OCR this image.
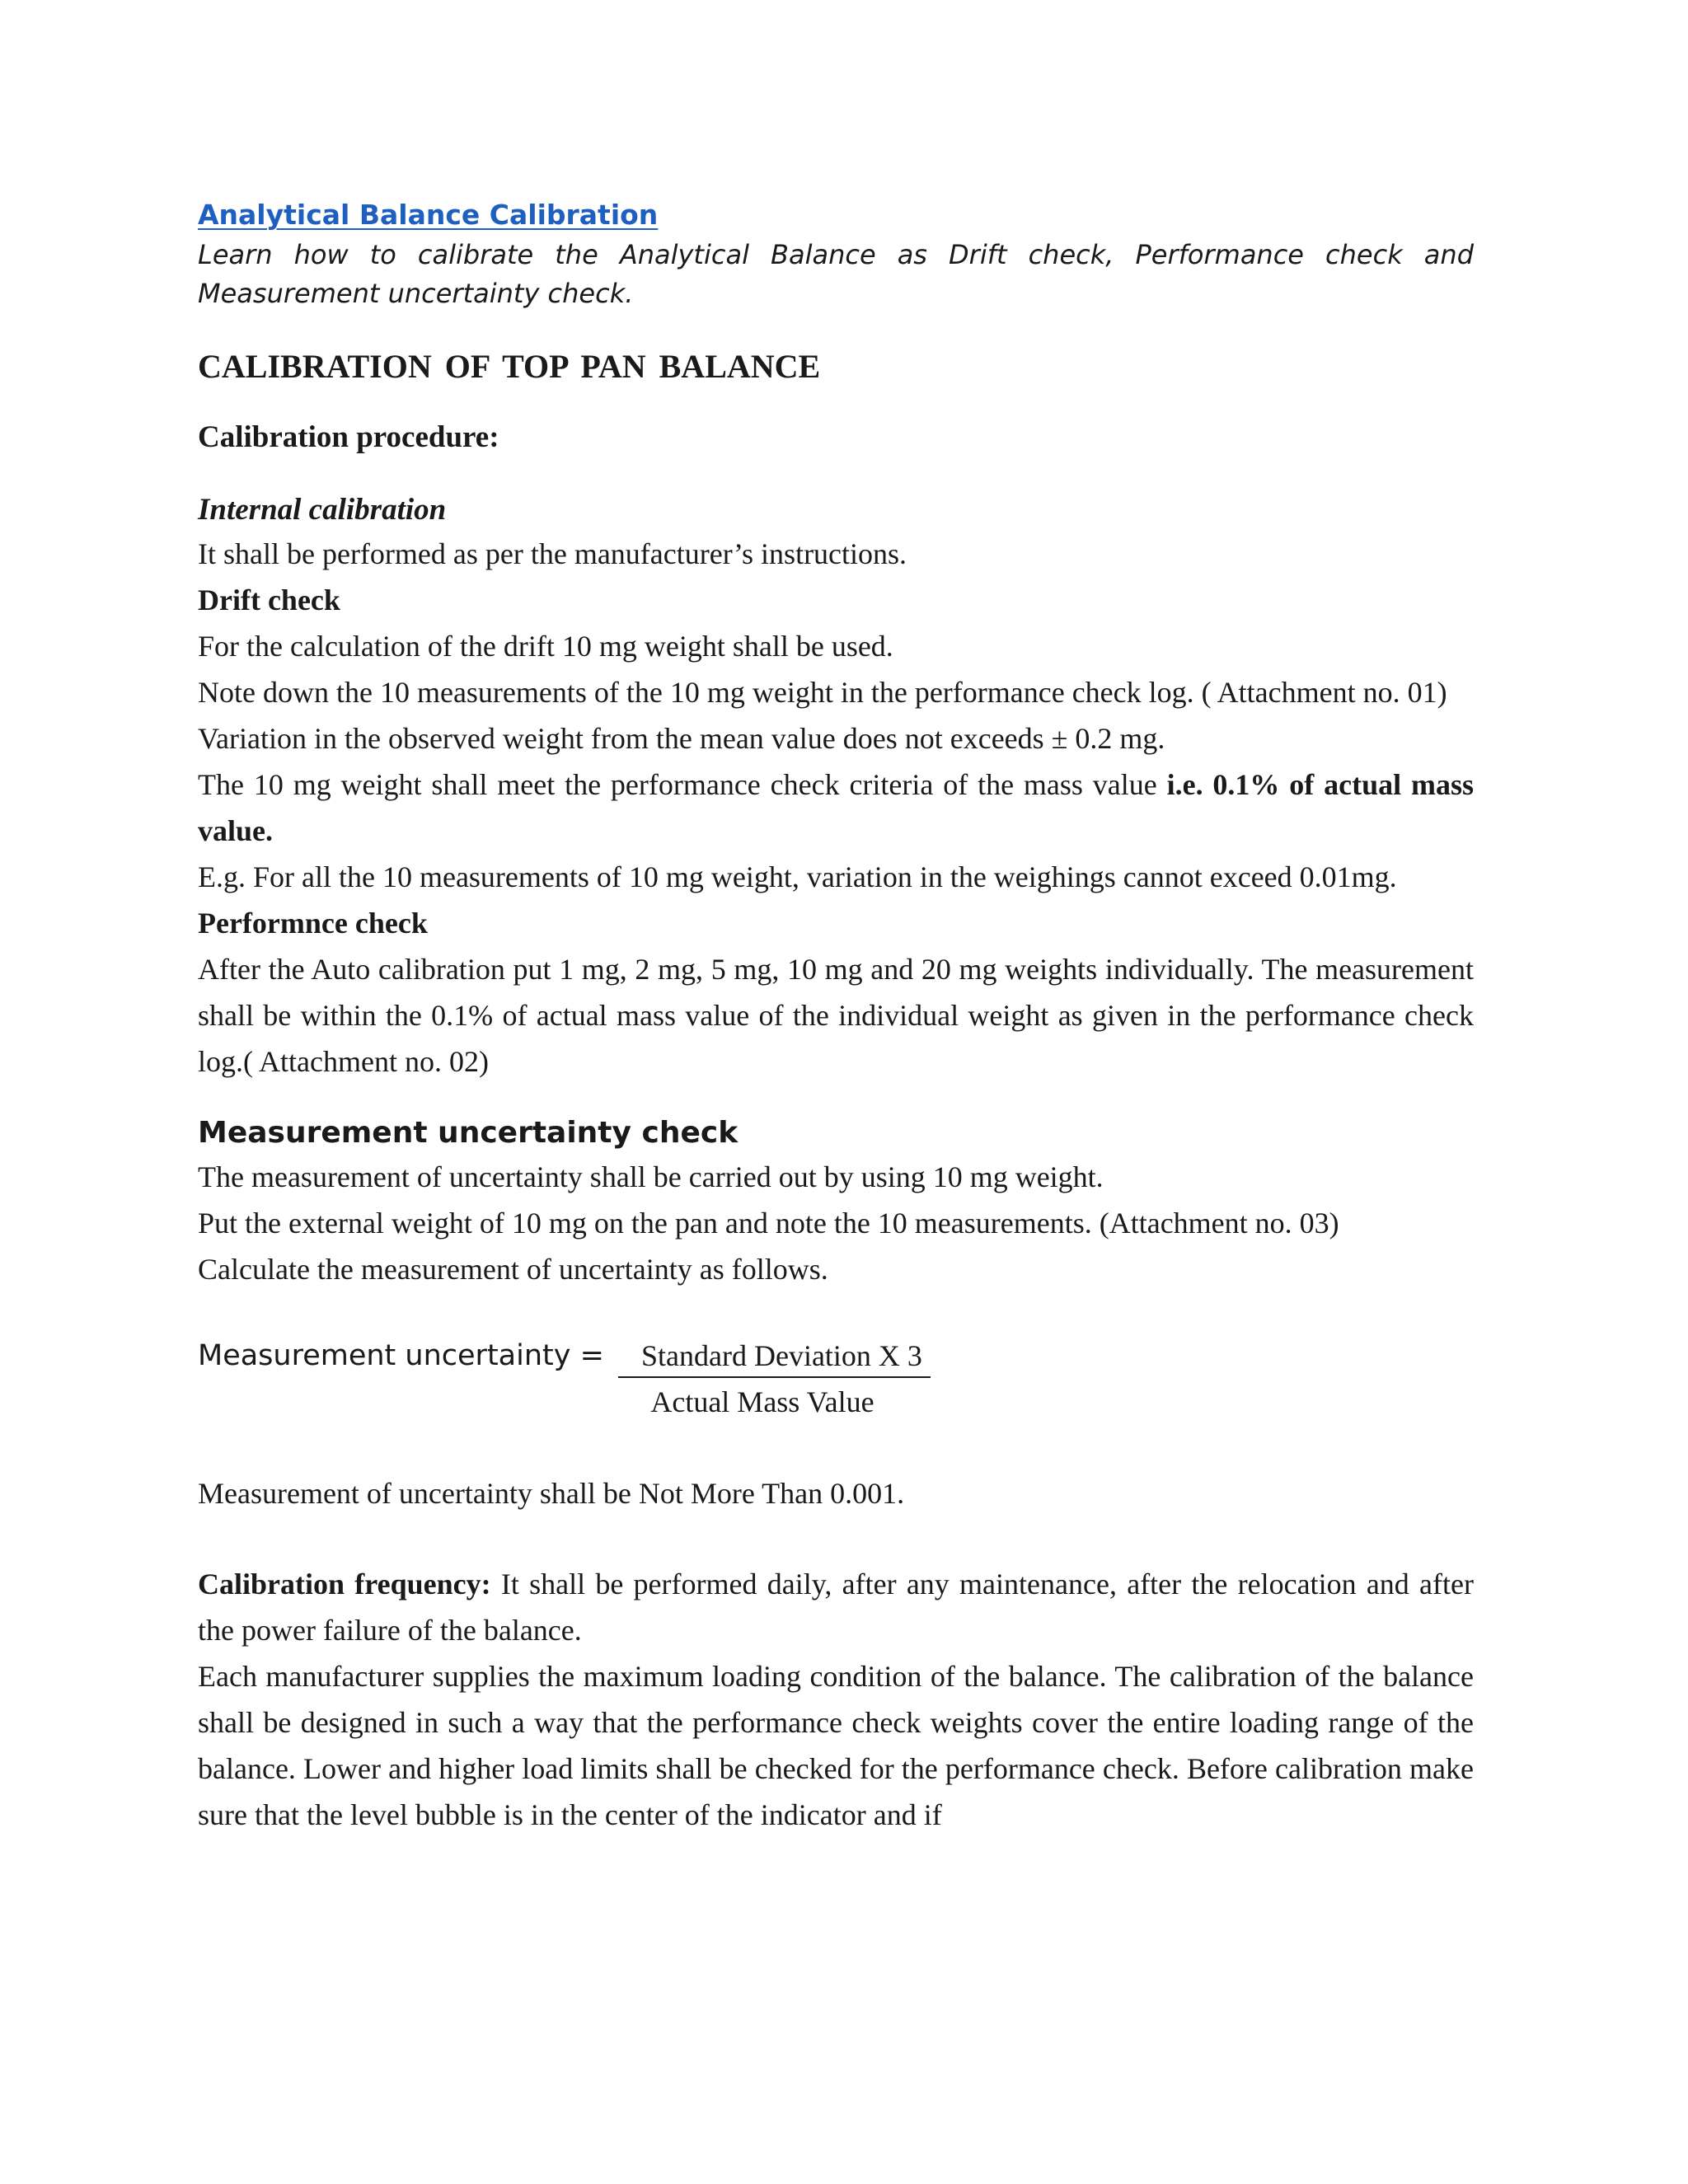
Analytical Balance Calibration

Learn how to calibrate the Analytical Balance as Drift check, Performance check and Measurement uncertainty check.

CALIBRATION OF TOP PAN BALANCE
Calibration procedure:
Internal calibration

It shall be performed as per the manufacturer’s instructions.

Drift check

For the calculation of the drift 10 mg weight shall be used.

Note down the 10 measurements of the 10 mg weight in the performance check log. ( Attachment no. 01)

Variation in the observed weight from the mean value does not exceeds ± 0.2 mg.

The 10 mg weight shall meet the performance check criteria of the mass value i.e. 0.1% of actual mass value.

E.g. For all the 10 measurements of 10 mg weight, variation in the weighings cannot exceed 0.01mg.

Performnce check

After the Auto calibration put 1 mg, 2 mg, 5 mg, 10 mg and 20 mg weights individually. The measurement shall be within the 0.1% of actual mass value of the individual weight as given in the performance check log.( Attachment no. 02)

Measurement uncertainty check

The measurement of uncertainty shall be carried out by using 10 mg weight.

Put the external weight of 10 mg on the pan and note the 10 measurements. (Attachment no. 03)

Calculate the measurement of uncertainty as follows.

Measurement uncertainty =	Standard Deviation X 3
Actual Mass Value

Measurement of uncertainty shall be Not More Than 0.001.

Calibration frequency: It shall be performed daily, after any maintenance, after the relocation and after the power failure of the balance.

Each manufacturer supplies the maximum loading condition of the balance. The calibration of the balance shall be designed in such a way that the performance check weights cover the entire loading range of the balance. Lower and higher load limits shall be checked for the performance check. Before calibration make sure that the level bubble is in the center of the indicator and if
